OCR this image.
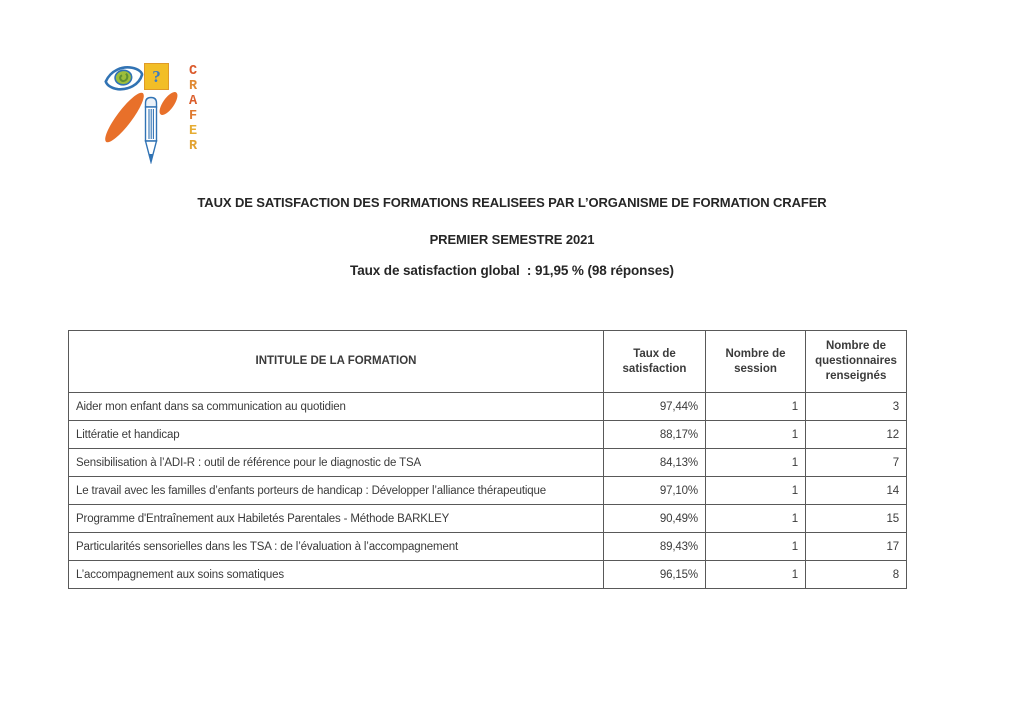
? C
R
A
F
E
R
TAUX DE SATISFACTION DES FORMATIONS REALISEES PAR L’ORGANISME DE FORMATION CRAFER
PREMIER SEMESTRE 2021
Taux de satisfaction global  : 91,95 % (98 réponses)
INTITULE DE LA FORMATION	Taux de satisfaction	Nombre de session	Nombre de questionnaires renseignés
Aider mon enfant dans sa communication au quotidien	97,44%	1	3
Littératie et handicap	88,17%	1	12
Sensibilisation à l’ADI-R : outil de référence pour le diagnostic de TSA	84,13%	1	7
Le travail avec les familles d’enfants porteurs de handicap : Développer l’alliance thérapeutique	97,10%	1	14
Programme d'Entraînement aux Habiletés Parentales - Méthode BARKLEY	90,49%	1	15
Particularités sensorielles dans les TSA : de l’évaluation à l’accompagnement	89,43%	1	17
L’accompagnement aux soins somatiques	96,15%	1	8
